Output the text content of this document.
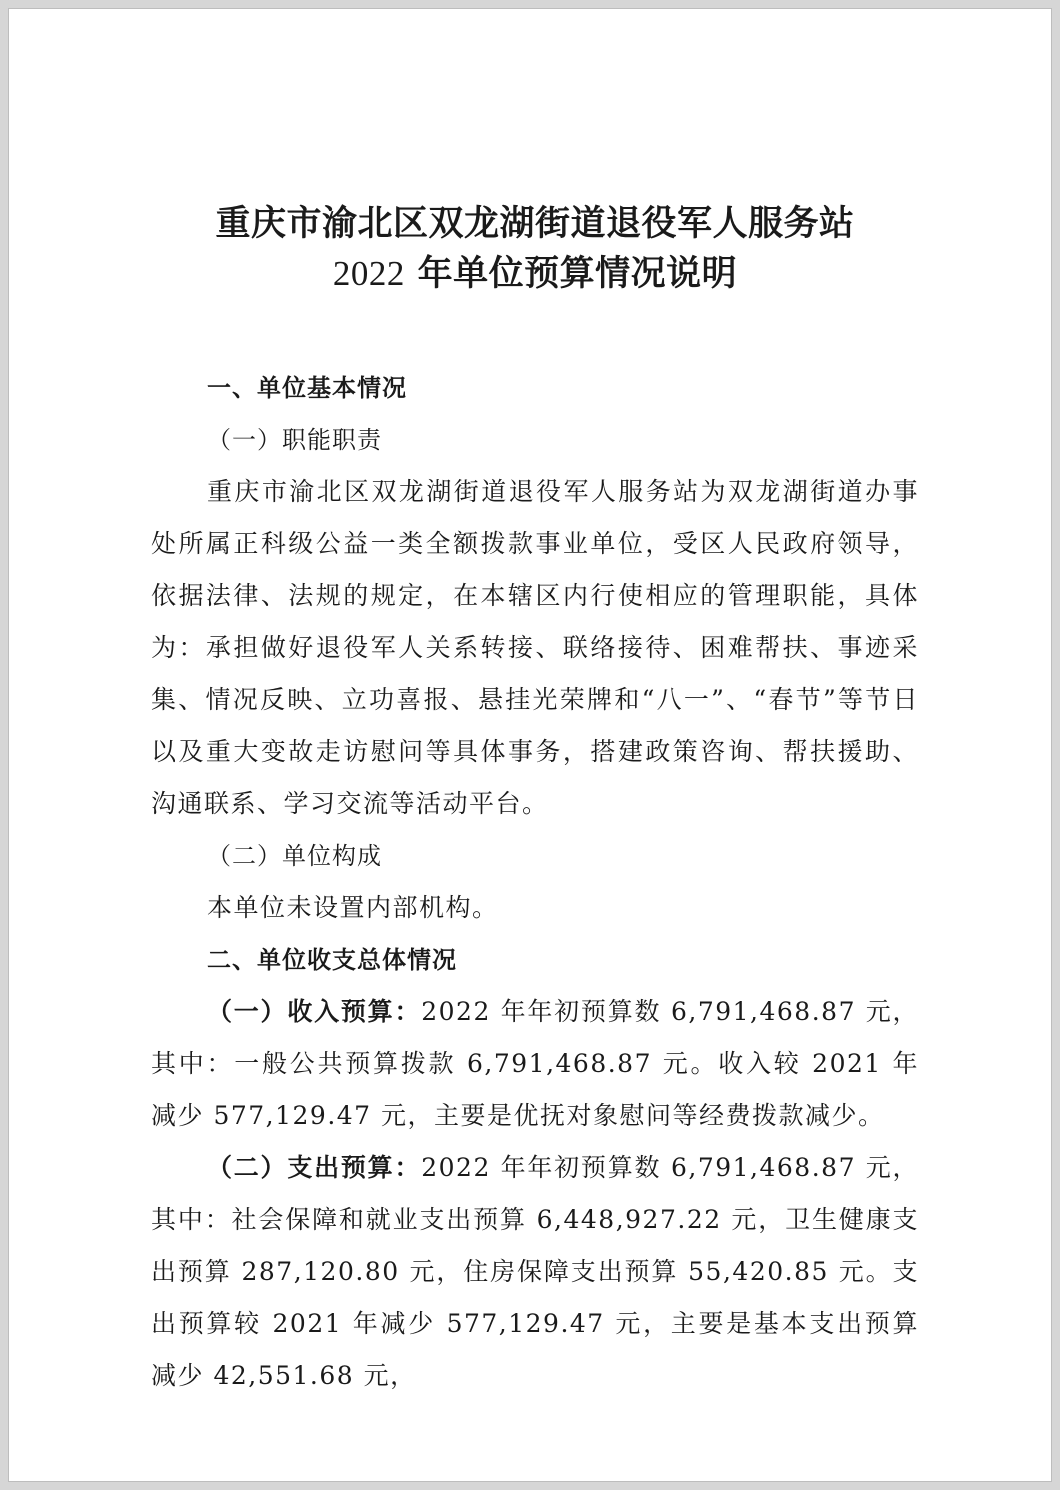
重庆市渝北区双龙湖街道退役军人服务站
2022 年单位预算情况说明

一、单位基本情况

（一）职能职责

重庆市渝北区双龙湖街道退役军人服务站为双龙湖街道办事处所属正科级公益一类全额拨款事业单位，受区人民政府领导，依据法律、法规的规定，在本辖区内行使相应的管理职能，具体为：承担做好退役军人关系转接、联络接待、困难帮扶、事迹采集、情况反映、立功喜报、悬挂光荣牌和“八一”、“春节”等节日以及重大变故走访慰问等具体事务，搭建政策咨询、帮扶援助、沟通联系、学习交流等活动平台。

（二）单位构成

本单位未设置内部机构。

二、单位收支总体情况

（一）收入预算：2022 年年初预算数 6,791,468.87 元，其中：一般公共预算拨款 6,791,468.87 元。收入较 2021 年减少 577,129.47 元，主要是优抚对象慰问等经费拨款减少。

（二）支出预算：2022 年年初预算数 6,791,468.87 元，其中：社会保障和就业支出预算 6,448,927.22 元，卫生健康支出预算 287,120.80 元，住房保障支出预算 55,420.85 元。支出预算较 2021 年减少 577,129.47 元，主要是基本支出预算减少 42,551.68 元，
